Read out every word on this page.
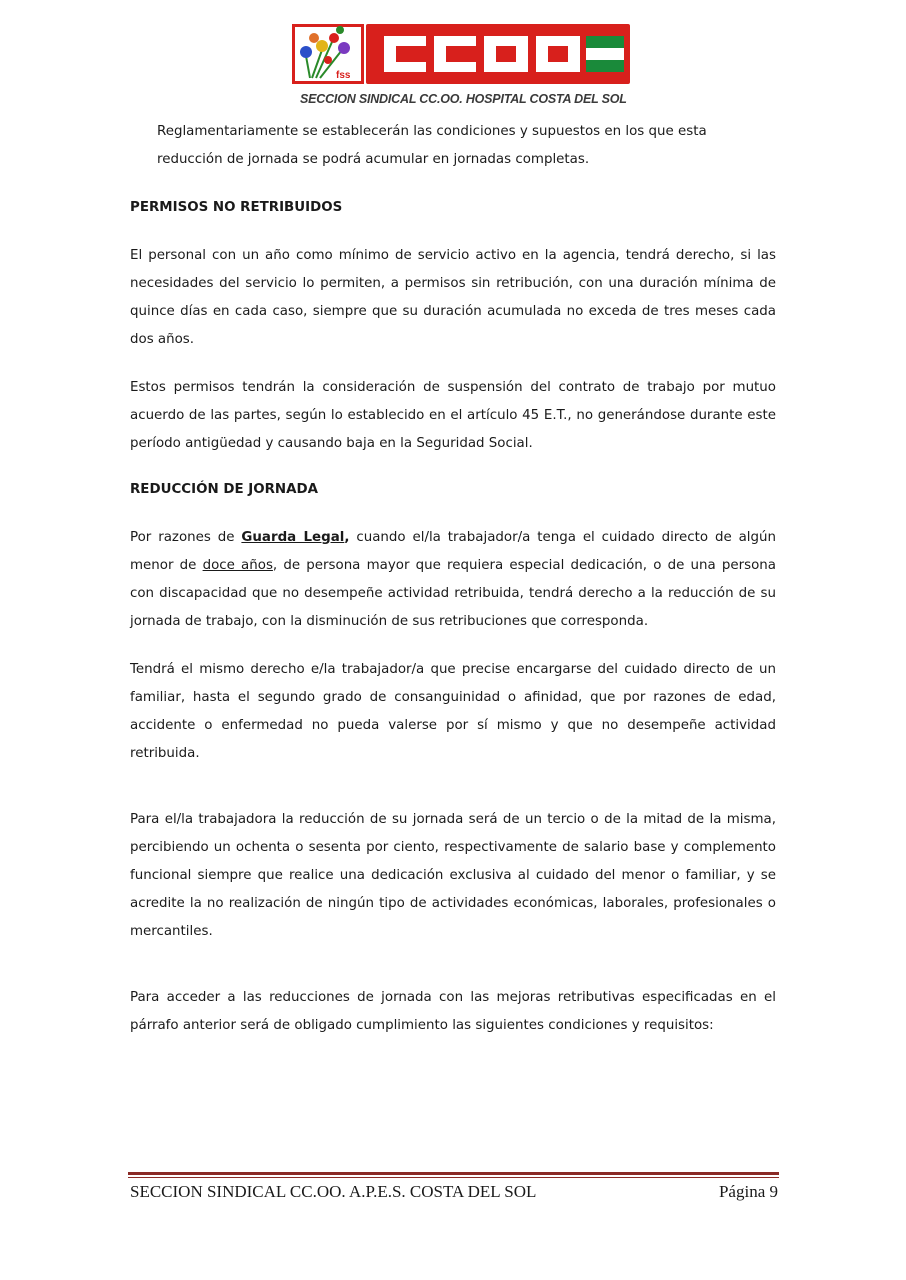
fss
SECCION SINDICAL CC.OO. HOSPITAL COSTA DEL SOL

Reglamentariamente se establecerán las condiciones y supuestos en los que esta reducción de jornada se podrá acumular en jornadas completas.

PERMISOS NO RETRIBUIDOS

El personal con un año como mínimo de servicio activo en la agencia, tendrá derecho, si las necesidades del servicio lo permiten, a permisos sin retribución, con una duración mínima de quince días en cada caso, siempre que su duración acumulada no exceda de tres meses cada dos años.

Estos permisos tendrán la consideración de suspensión del contrato de trabajo por mutuo acuerdo de las partes, según lo establecido en el artículo 45 E.T., no generándose durante este período antigüedad y causando baja en la Seguridad Social.

REDUCCIÓN DE JORNADA

Por razones de Guarda Legal, cuando el/la trabajador/a tenga el cuidado directo de algún menor de doce años, de persona mayor que requiera especial dedicación, o de una persona con discapacidad que no desempeñe actividad retribuida, tendrá derecho a la reducción de su jornada de trabajo, con la disminución de sus retribuciones que corresponda.

Tendrá el mismo derecho e/la trabajador/a que precise encargarse del cuidado directo de un familiar, hasta el segundo grado de consanguinidad o afinidad, que por razones de edad, accidente o enfermedad no pueda valerse por sí mismo y que no desempeñe actividad retribuida.

Para el/la trabajadora la reducción de su jornada será de un tercio o de la mitad de la misma, percibiendo un ochenta o sesenta por ciento, respectivamente de salario base y complemento funcional siempre que realice una dedicación exclusiva al cuidado del menor o familiar, y se acredite la no realización de ningún tipo de actividades económicas, laborales, profesionales o mercantiles.

Para acceder a las reducciones de jornada con las mejoras retributivas especificadas en el párrafo anterior será de obligado cumplimiento las siguientes condiciones y requisitos:

SECCION SINDICAL CC.OO. A.P.E.S. COSTA DEL SOL	Página 9
